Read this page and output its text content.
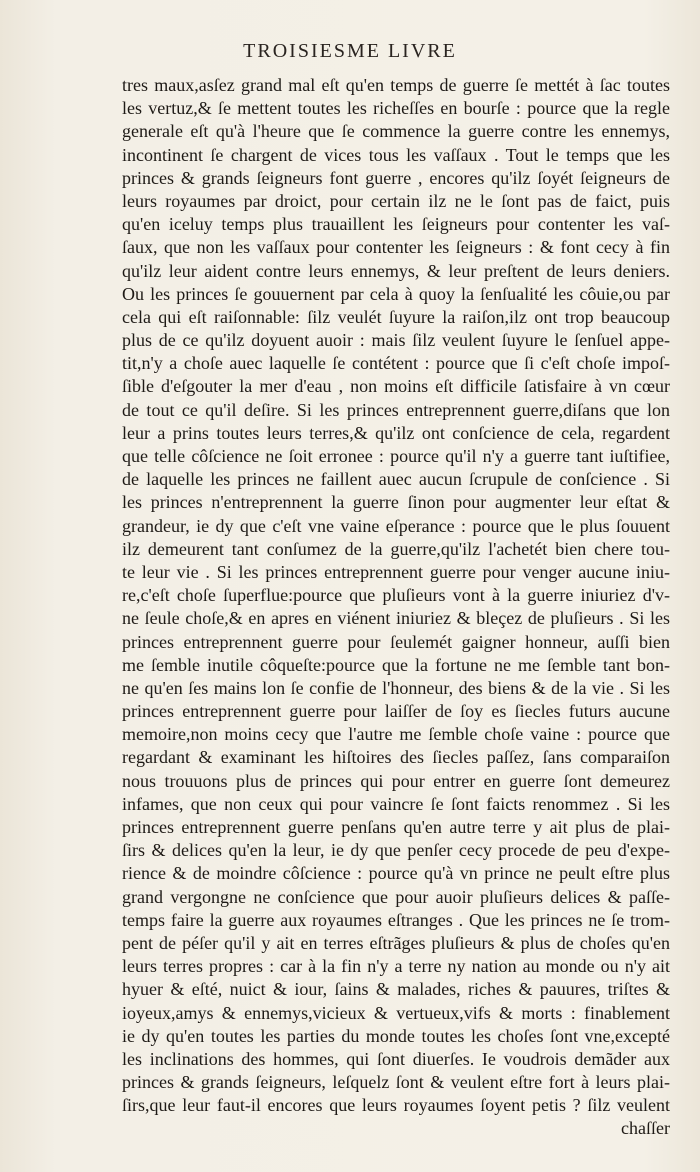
TROISIESME LIVRE
tres maux,asſez grand mal eſt qu'en temps de guerre ſe mettét à ſac toutes
les vertuz,& ſe mettent toutes les richeſſes en bourſe : pource que la regle
generale eſt qu'à l'heure que ſe commence la guerre contre les ennemys,
incontinent ſe chargent de vices tous les vaſſaux . Tout le temps que les
princes & grands ſeigneurs font guerre , encores qu'ilz ſoyét ſeigneurs de
leurs royaumes par droict, pour certain ilz ne le ſont pas de faict, puis
qu'en iceluy temps plus trauaillent les ſeigneurs pour contenter les vaſ-
ſaux, que non les vaſſaux pour contenter les ſeigneurs : & font cecy à fin
qu'ilz leur aident contre leurs ennemys, & leur preſtent de leurs deniers.
Ou les princes ſe gouuernent par cela à quoy la ſenſualité les côuie,ou par
cela qui eſt raiſonnable: ſilz veulét ſuyure la raiſon,ilz ont trop beaucoup
plus de ce qu'ilz doyuent auoir : mais ſilz veulent ſuyure le ſenſuel appe-
tit,n'y a choſe auec laquelle ſe contétent : pource que ſi c'eſt choſe impoſ-
ſible d'eſgouter la mer d'eau , non moins eſt difficile ſatisfaire à vn cœur
de tout ce qu'il deſire. Si les princes entreprennent guerre,diſans que lon
leur a prins toutes leurs terres,& qu'ilz ont conſcience de cela, regardent
que telle côſcience ne ſoit erronee : pource qu'il n'y a guerre tant iuſtifiee,
de laquelle les princes ne faillent auec aucun ſcrupule de conſcience . Si
les princes n'entreprennent la guerre ſinon pour augmenter leur eſtat &
grandeur, ie dy que c'eſt vne vaine eſperance : pource que le plus ſouuent
ilz demeurent tant conſumez de la guerre,qu'ilz l'achetét bien chere tou-
te leur vie . Si les princes entreprennent guerre pour venger aucune iniu-
re,c'eſt choſe ſuperflue:pource que pluſieurs vont à la guerre iniuriez d'v-
ne ſeule choſe,& en apres en viénent iniuriez & bleçez de pluſieurs . Si les
princes entreprennent guerre pour ſeulemét gaigner honneur, auſſi bien
me ſemble inutile côqueſte:pource que la fortune ne me ſemble tant bon-
ne qu'en ſes mains lon ſe confie de l'honneur, des biens & de la vie . Si les
princes entreprennent guerre pour laiſſer de ſoy es ſiecles futurs aucune
memoire,non moins cecy que l'autre me ſemble choſe vaine : pource que
regardant & examinant les hiſtoires des ſiecles paſſez, ſans comparaiſon
nous trouuons plus de princes qui pour entrer en guerre ſont demeurez
infames, que non ceux qui pour vaincre ſe ſont faicts renommez . Si les
princes entreprennent guerre penſans qu'en autre terre y ait plus de plai-
ſirs & delices qu'en la leur, ie dy que penſer cecy procede de peu d'expe-
rience & de moindre côſcience : pource qu'à vn prince ne peult eſtre plus
grand vergongne ne conſcience que pour auoir pluſieurs delices & paſſe-
temps faire la guerre aux royaumes eſtranges . Que les princes ne ſe trom-
pent de péſer qu'il y ait en terres eſtrãges pluſieurs & plus de choſes qu'en
leurs terres propres : car à la fin n'y a terre ny nation au monde ou n'y ait
hyuer & eſté, nuict & iour, ſains & malades, riches & pauures, triſtes &
ioyeux,amys & ennemys,vicieux & vertueux,vifs & morts : finablement
ie dy qu'en toutes les parties du monde toutes les choſes ſont vne,excepté
les inclinations des hommes, qui ſont diuerſes. Ie voudrois demãder aux
princes & grands ſeigneurs, leſquelz ſont & veulent eſtre fort à leurs plai-
ſirs,que leur faut-il encores que leurs royaumes ſoyent petis ? ſilz veulent
chaſſer
